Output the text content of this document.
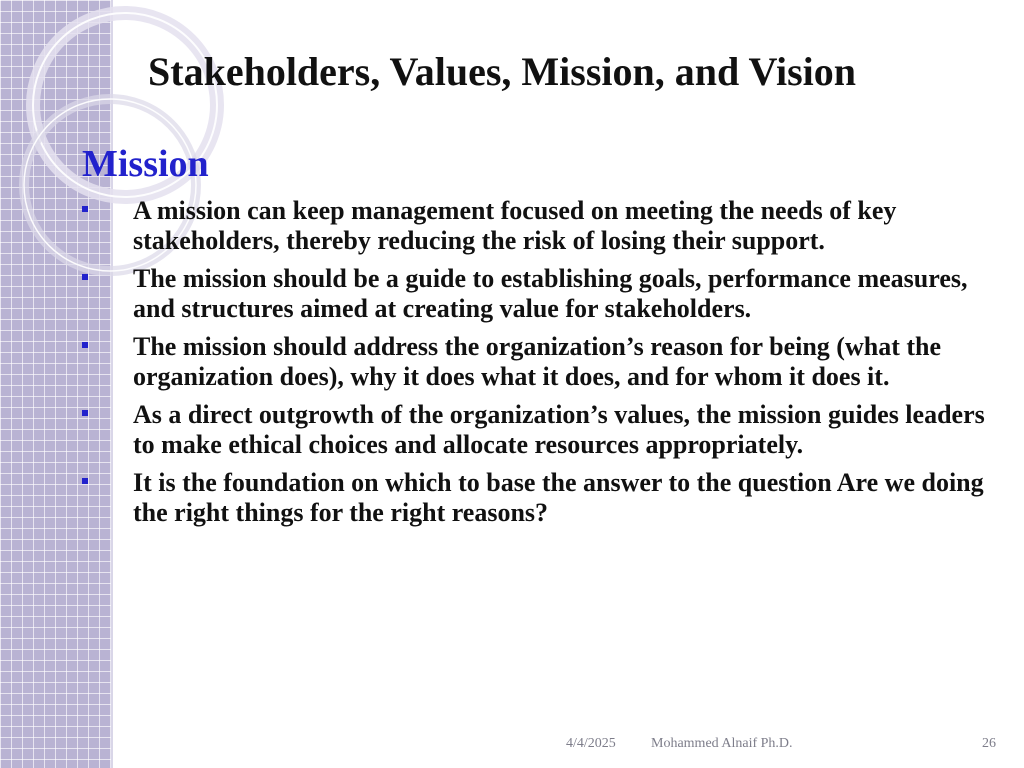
Stakeholders, Values, Mission, and Vision
Mission
A mission can keep management focused on meeting the needs of key stakeholders, thereby reducing the risk of losing their support.
The mission should be a guide to establishing goals, performance measures, and structures aimed at creating value for stakeholders.
The mission should address the organization’s reason for being (what the organization does), why it does what it does, and for whom it does it.
As a direct outgrowth of the organization’s values, the mission guides leaders to make ethical choices and allocate resources appropriately.
It is the foundation on which to base the answer to the question Are we doing the right things for the right reasons?
4/4/2025	Mohammed Alnaif Ph.D.	26
